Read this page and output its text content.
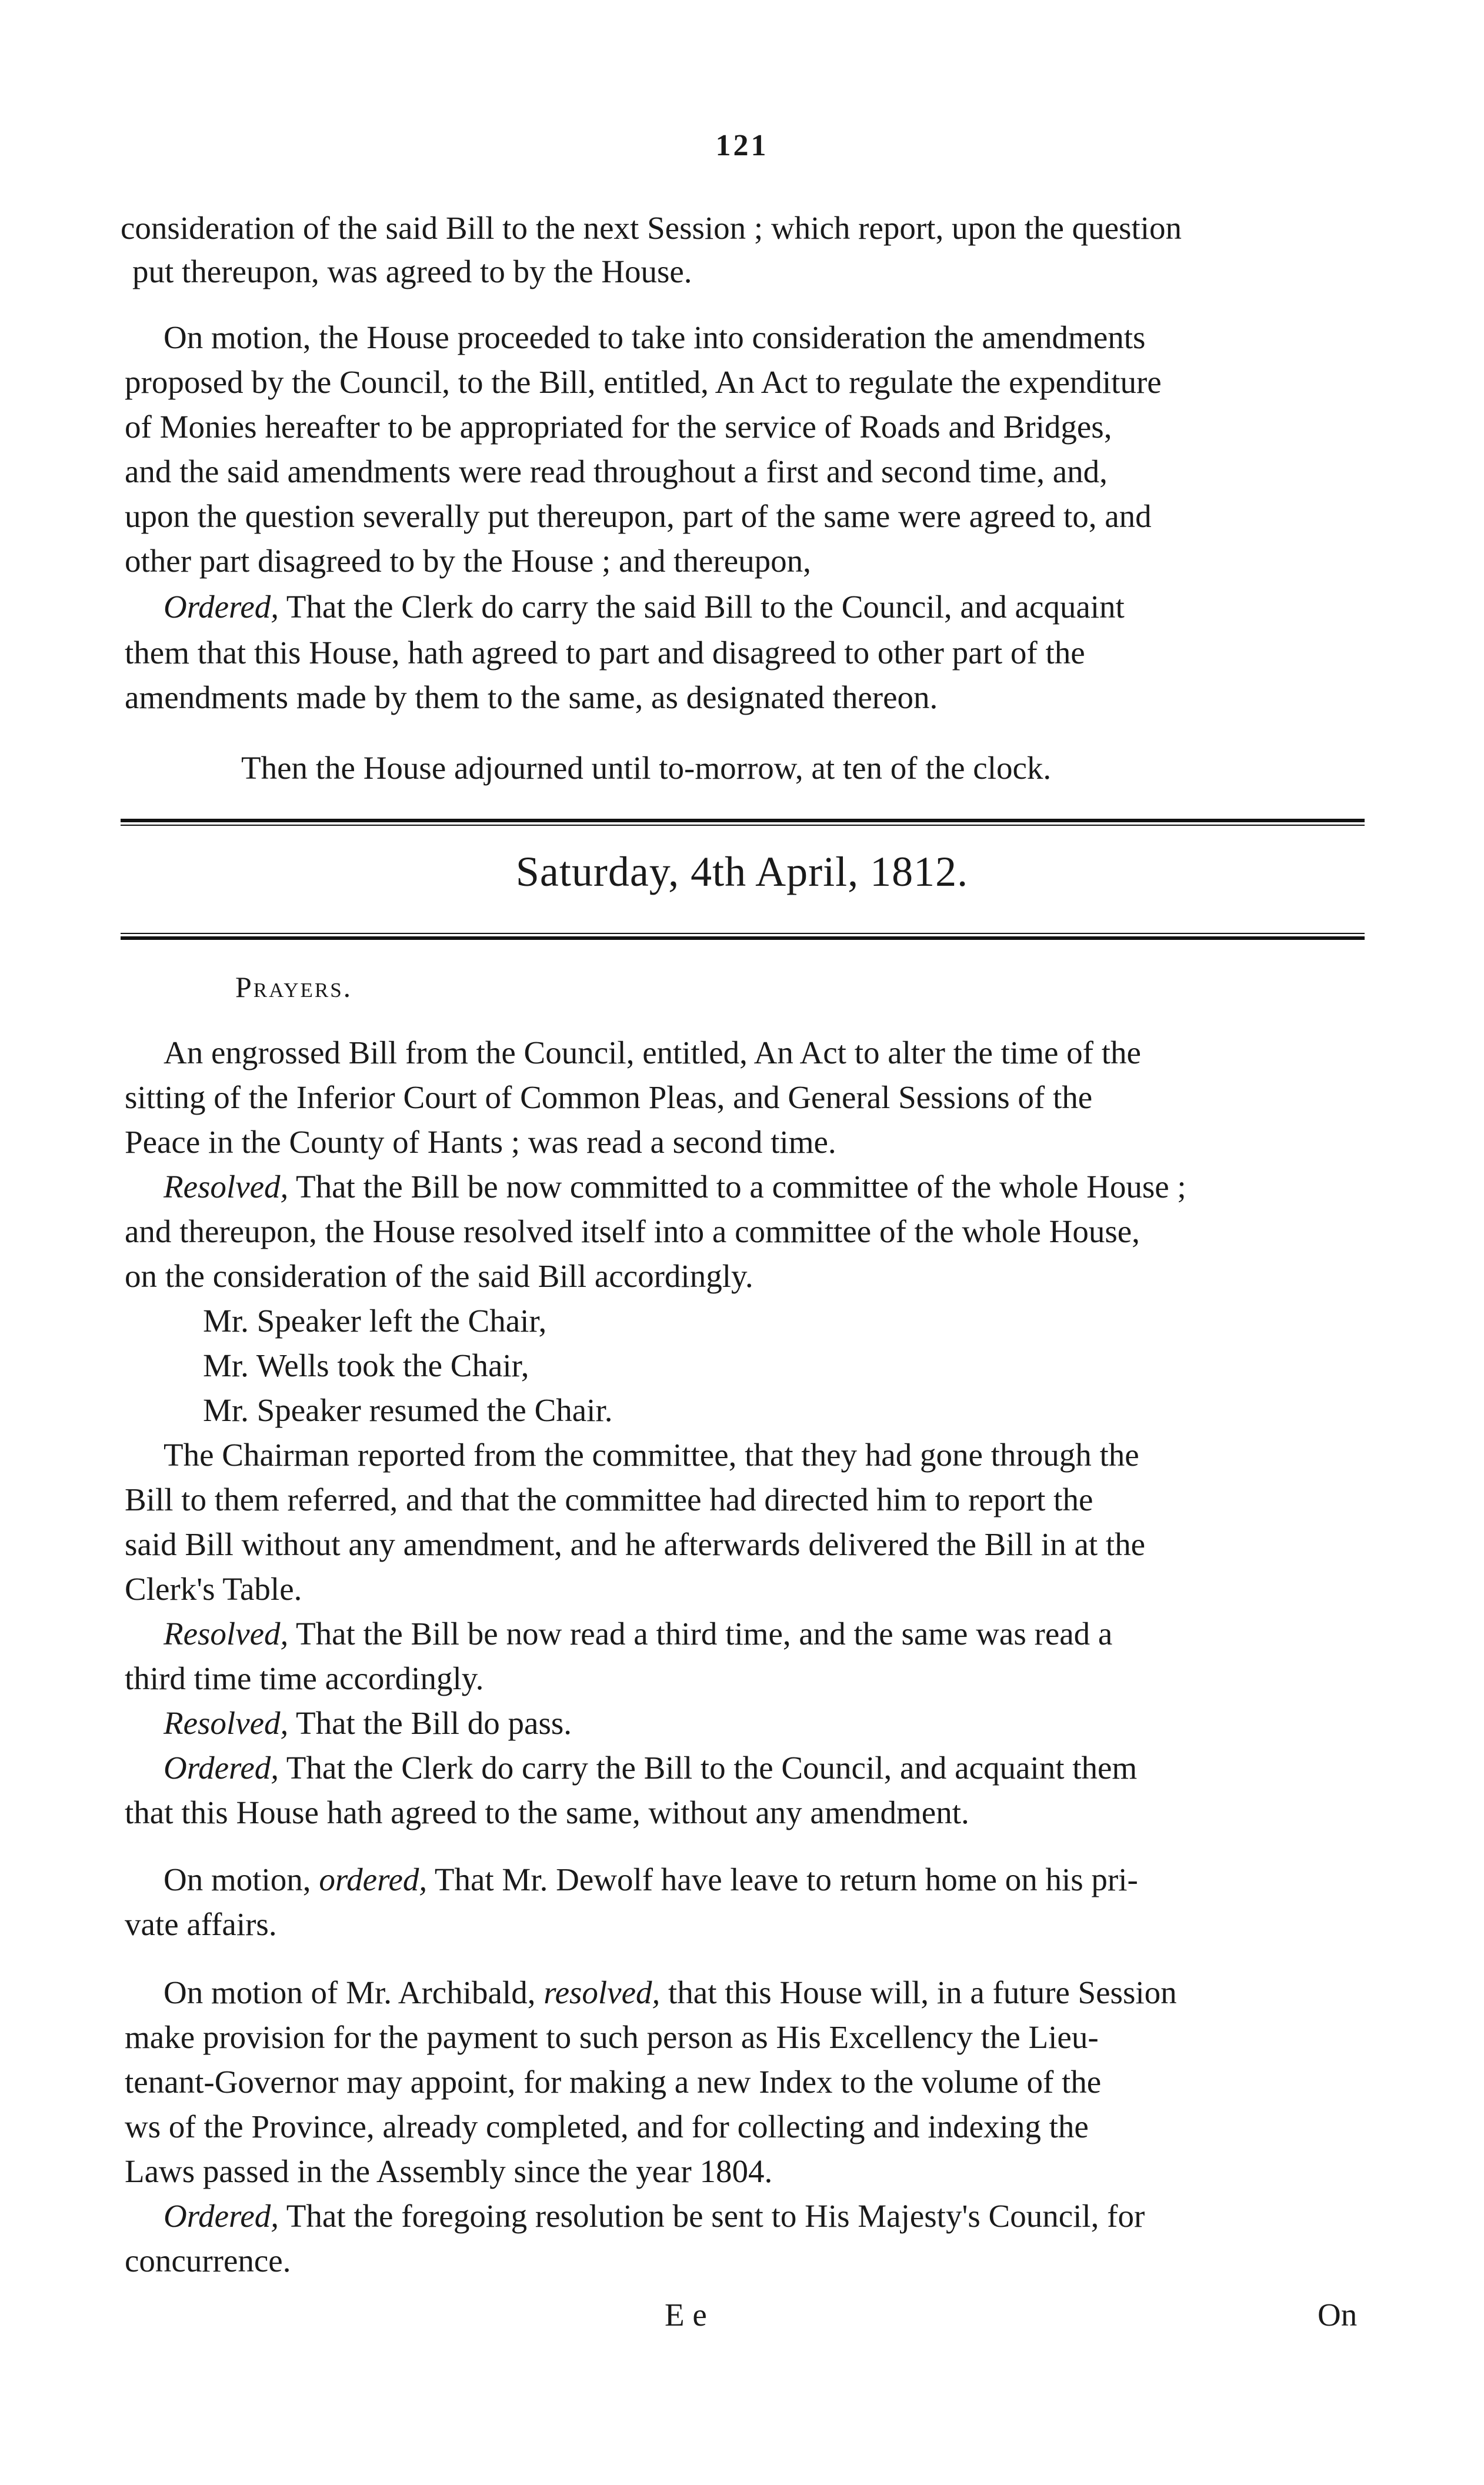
121
consideration of the said Bill to the next Session ; which report, upon the question
put thereupon, was agreed to by the House.
On motion, the House proceeded to take into consideration the amendments
proposed by the Council, to the Bill, entitled, An Act to regulate the expenditure
of Monies hereafter to be appropriated for the service of Roads and Bridges,
and the said amendments were read throughout a first and second time, and,
upon the question severally put thereupon, part of the same were agreed to, and
other part disagreed to by the House ; and thereupon,
Ordered, That the Clerk do carry the said Bill to the Council, and acquaint
them that this House, hath agreed to part and disagreed to other part of the
amendments made by them to the same, as designated thereon.
Then the House adjourned until to-morrow, at ten of the clock.
Saturday, 4th April, 1812.
Prayers.
An engrossed Bill from the Council, entitled, An Act to alter the time of the
sitting of the Inferior Court of Common Pleas, and General Sessions of the
Peace in the County of Hants ; was read a second time.
Resolved, That the Bill be now committed to a committee of the whole House ;
and thereupon, the House resolved itself into a committee of the whole House,
on the consideration of the said Bill accordingly.
Mr. Speaker left the Chair,
Mr. Wells took the Chair,
Mr. Speaker resumed the Chair.
The Chairman reported from the committee, that they had gone through the
Bill to them referred, and that the committee had directed him to report the
said Bill without any amendment, and he afterwards delivered the Bill in at the
Clerk's Table.
Resolved, That the Bill be now read a third time, and the same was read a
third time time accordingly.
Resolved, That the Bill do pass.
Ordered, That the Clerk do carry the Bill to the Council, and acquaint them
that this House hath agreed to the same, without any amendment.
On motion, ordered, That Mr. Dewolf have leave to return home on his pri-
vate affairs.
On motion of Mr. Archibald, resolved, that this House will, in a future Session
make provision for the payment to such person as His Excellency the Lieu-
tenant-Governor may appoint, for making a new Index to the volume of the
ws of the Province, already completed, and for collecting and indexing the
Laws passed in the Assembly since the year 1804.
Ordered, That the foregoing resolution be sent to His Majesty's Council, for
concurrence.
E e	On
